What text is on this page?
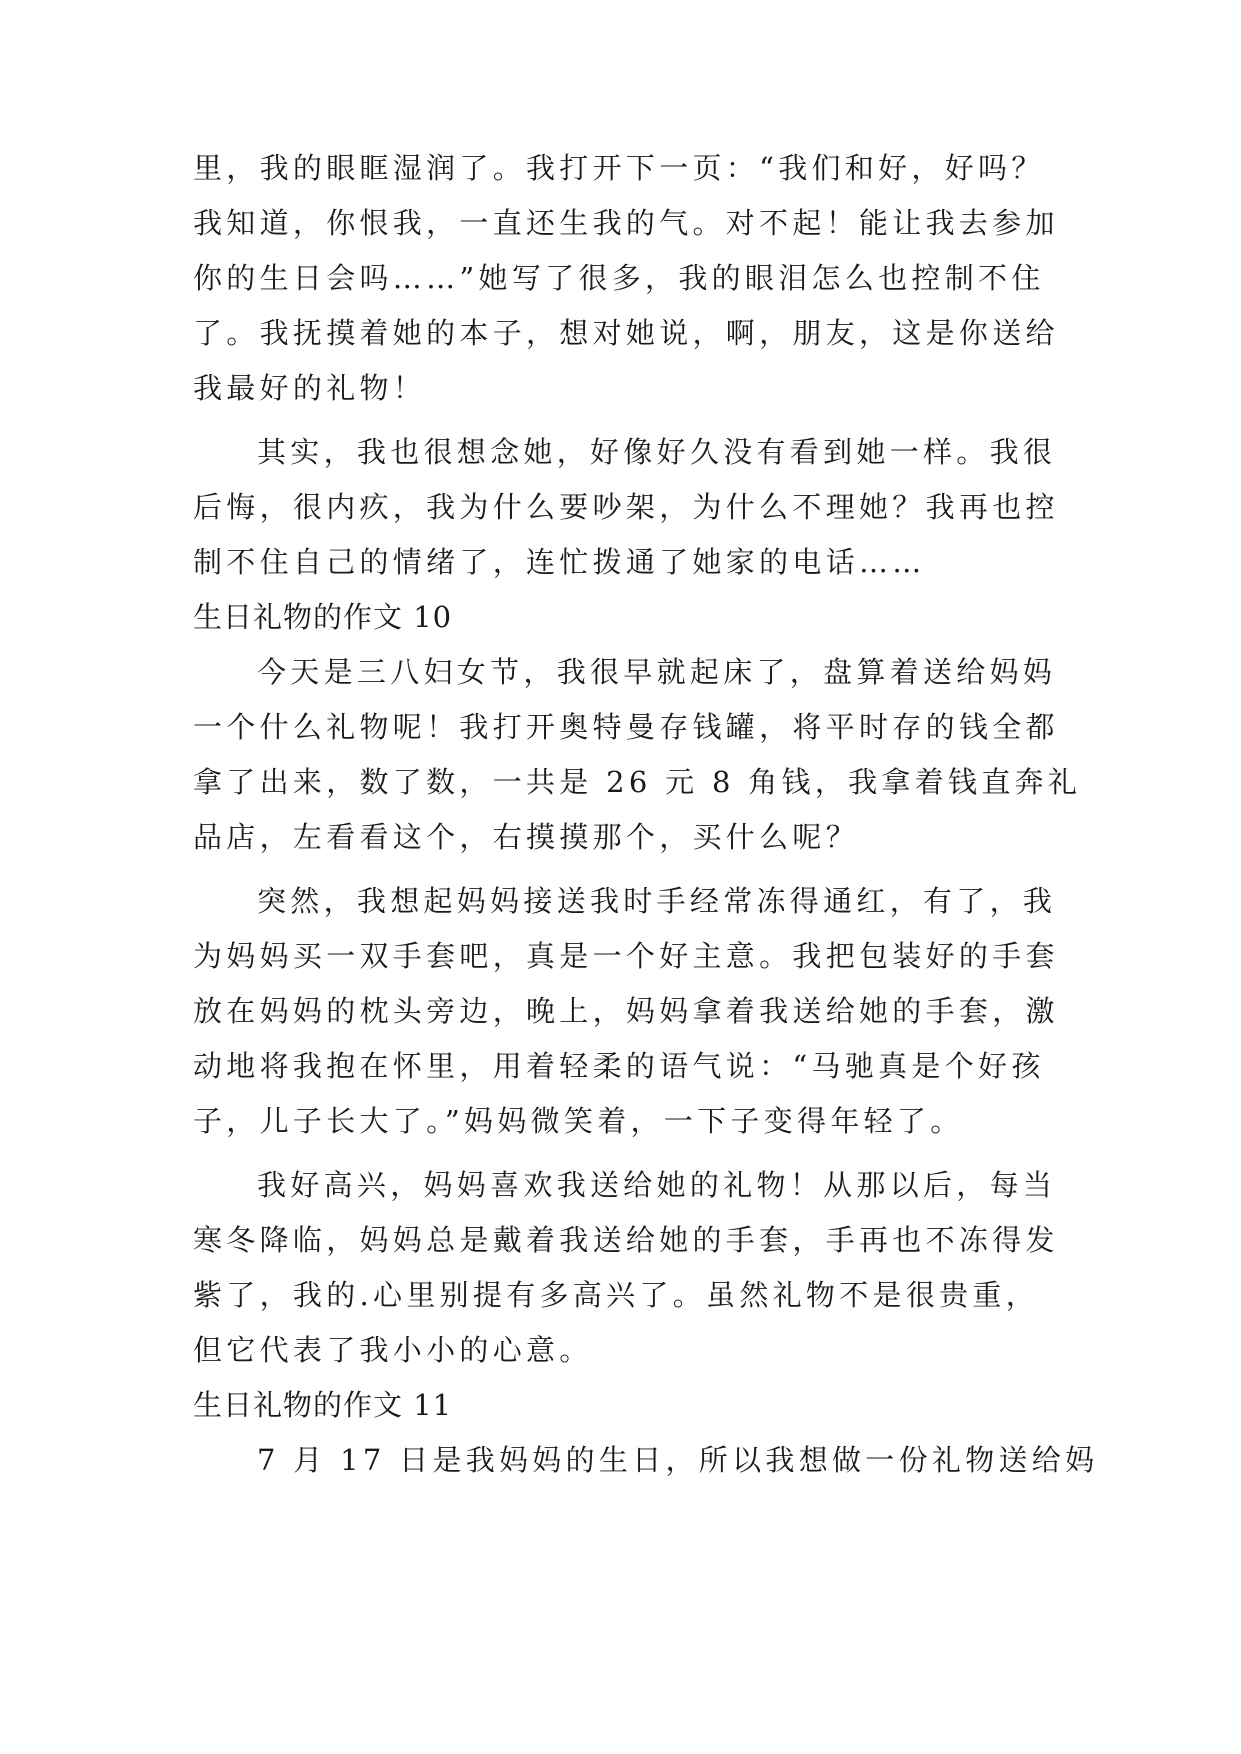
里，我的眼眶湿润了。我打开下一页：“我们和好，好吗？
我知道，你恨我，一直还生我的气。对不起！能让我去参加
你的生日会吗……”她写了很多，我的眼泪怎么也控制不住
了。我抚摸着她的本子，想对她说，啊，朋友，这是你送给
我最好的礼物！
其实，我也很想念她，好像好久没有看到她一样。我很
后悔，很内疚，我为什么要吵架，为什么不理她？我再也控
制不住自己的情绪了，连忙拨通了她家的电话……
生日礼物的作文 10
今天是三八妇女节，我很早就起床了，盘算着送给妈妈
一个什么礼物呢！我打开奥特曼存钱罐，将平时存的钱全都
拿了出来，数了数，一共是 26 元 8 角钱，我拿着钱直奔礼
品店，左看看这个，右摸摸那个，买什么呢？
突然，我想起妈妈接送我时手经常冻得通红，有了，我
为妈妈买一双手套吧，真是一个好主意。我把包装好的手套
放在妈妈的枕头旁边，晚上，妈妈拿着我送给她的手套，激
动地将我抱在怀里，用着轻柔的语气说：“马驰真是个好孩
子，儿子长大了。”妈妈微笑着，一下子变得年轻了。
我好高兴，妈妈喜欢我送给她的礼物！从那以后，每当
寒冬降临，妈妈总是戴着我送给她的手套，手再也不冻得发
紫了，我的.心里别提有多高兴了。虽然礼物不是很贵重，
但它代表了我小小的心意。
生日礼物的作文 11
7 月 17 日是我妈妈的生日，所以我想做一份礼物送给妈
